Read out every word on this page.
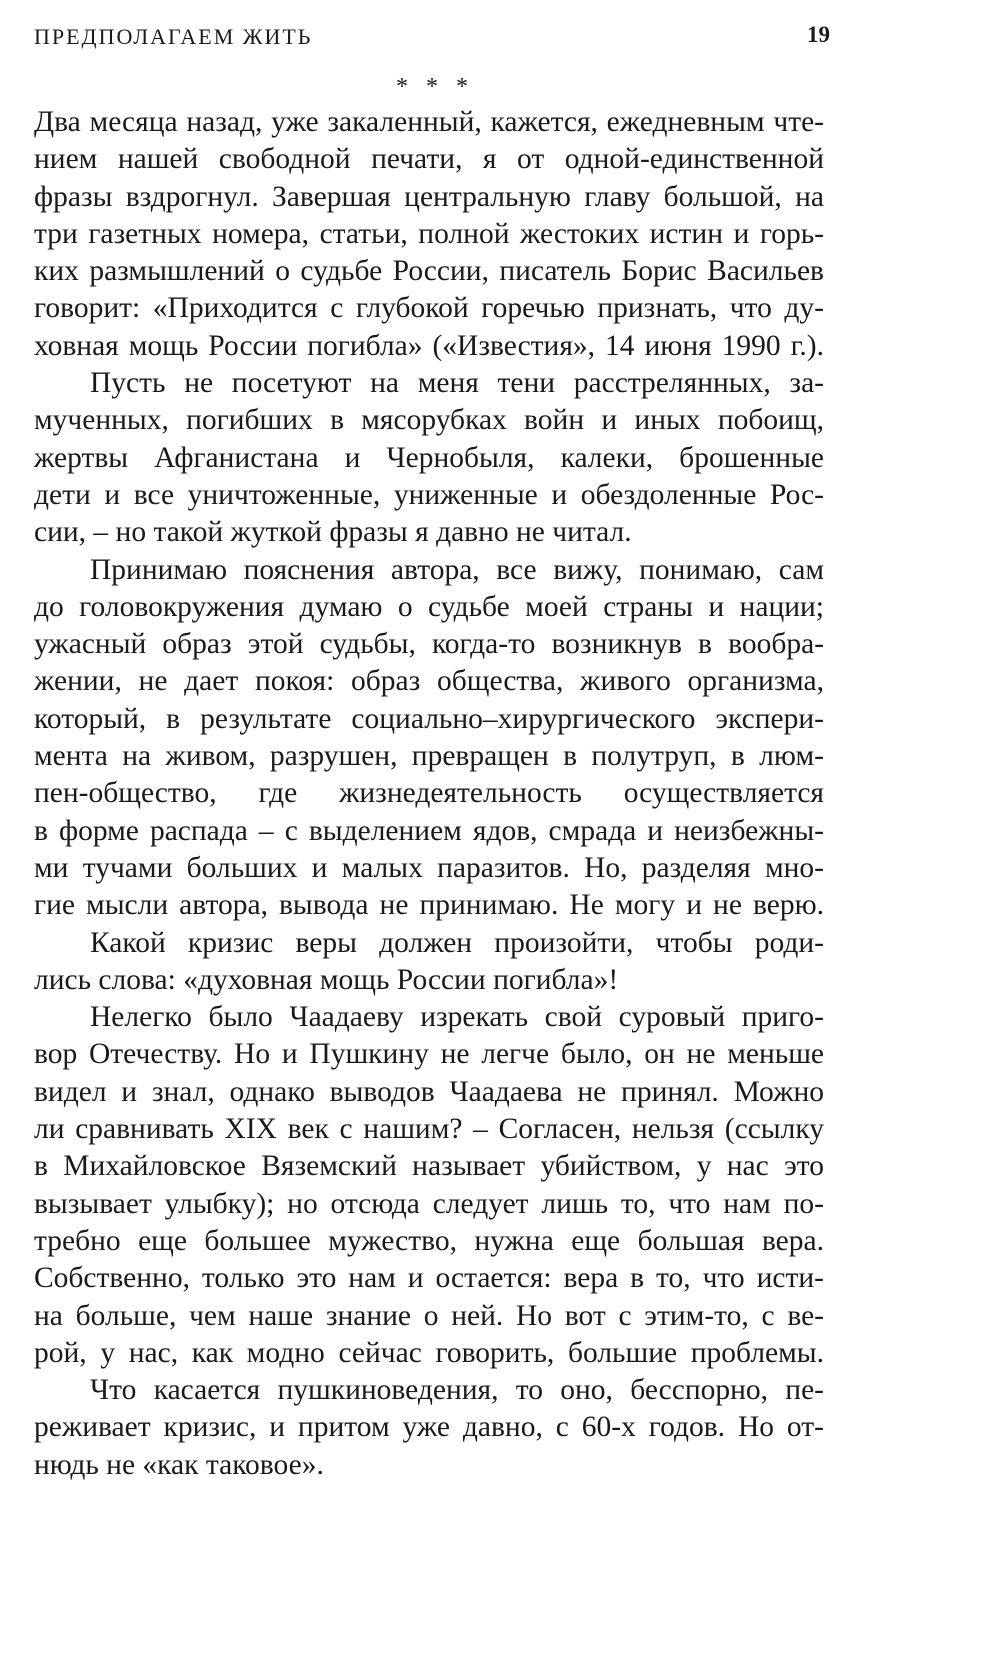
ПРЕДПОЛАГАЕМ ЖИТЬ	19
* * *
Два месяца назад, уже закаленный, кажется, ежедневным чте-
нием нашей свободной печати, я от одной-единственной
фразы вздрогнул. Завершая центральную главу большой, на
три газетных номера, статьи, полной жестоких истин и горь-
ких размышлений о судьбе России, писатель Борис Васильев
говорит: «Приходится с глубокой горечью признать, что ду-
ховная мощь России погибла» («Известия», 14 июня 1990 г.).
Пусть не посетуют на меня тени расстрелянных, за-
мученных, погибших в мясорубках войн и иных побоищ,
жертвы Афганистана и Чернобыля, калеки, брошенные
дети и все уничтоженные, униженные и обездоленные Рос-
сии, – но такой жуткой фразы я давно не читал.
Принимаю пояснения автора, все вижу, понимаю, сам
до головокружения думаю о судьбе моей страны и нации;
ужасный образ этой судьбы, когда-то возникнув в вообра-
жении, не дает покоя: образ общества, живого организма,
который, в результате социально–хирургического экспери-
мента на живом, разрушен, превращен в полутруп, в люм-
пен-общество, где жизнедеятельность осуществляется
в форме распада – с выделением ядов, смрада и неизбежны-
ми тучами больших и малых паразитов. Но, разделяя мно-
гие мысли автора, вывода не принимаю. Не могу и не верю.
Какой кризис веры должен произойти, чтобы роди-
лись слова: «духовная мощь России погибла»!
Нелегко было Чаадаеву изрекать свой суровый приго-
вор Отечеству. Но и Пушкину не легче было, он не меньше
видел и знал, однако выводов Чаадаева не принял. Можно
ли сравнивать XIX век с нашим? – Согласен, нельзя (ссылку
в Михайловское Вяземский называет убийством, у нас это
вызывает улыбку); но отсюда следует лишь то, что нам по-
требно еще большее мужество, нужна еще большая вера.
Собственно, только это нам и остается: вера в то, что исти-
на больше, чем наше знание о ней. Но вот с этим-то, с ве-
рой, у нас, как модно сейчас говорить, большие проблемы.
Что касается пушкиноведения, то оно, бесспорно, пе-
реживает кризис, и притом уже давно, с 60-х годов. Но от-
нюдь не «как таковое».
